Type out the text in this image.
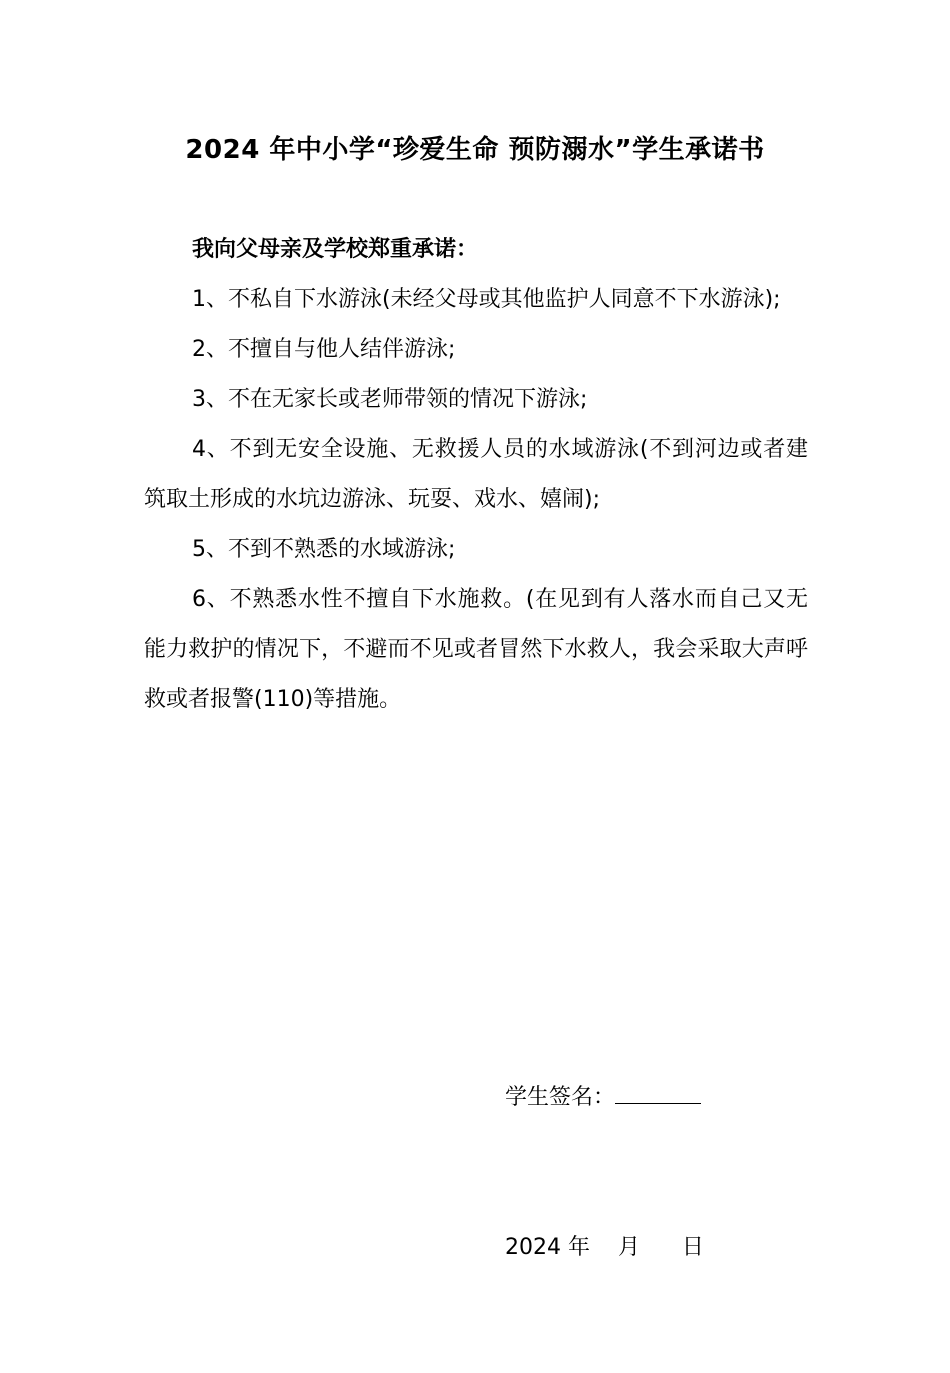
2024 年中小学“珍爱生命 预防溺水”学生承诺书

我向父母亲及学校郑重承诺：

1、不私自下水游泳(未经父母或其他监护人同意不下水游泳);

2、不擅自与他人结伴游泳;

3、不在无家长或老师带领的情况下游泳;

4、不到无安全设施、无救援人员的水域游泳(不到河边或者建筑取土形成的水坑边游泳、玩耍、戏水、嬉闹);

5、不到不熟悉的水域游泳;

6、不熟悉水性不擅自下水施救。(在见到有人落水而自己又无能力救护的情况下，不避而不见或者冒然下水救人，我会采取大声呼救或者报警(110)等措施。

学生签名：

2024 年    月      日
